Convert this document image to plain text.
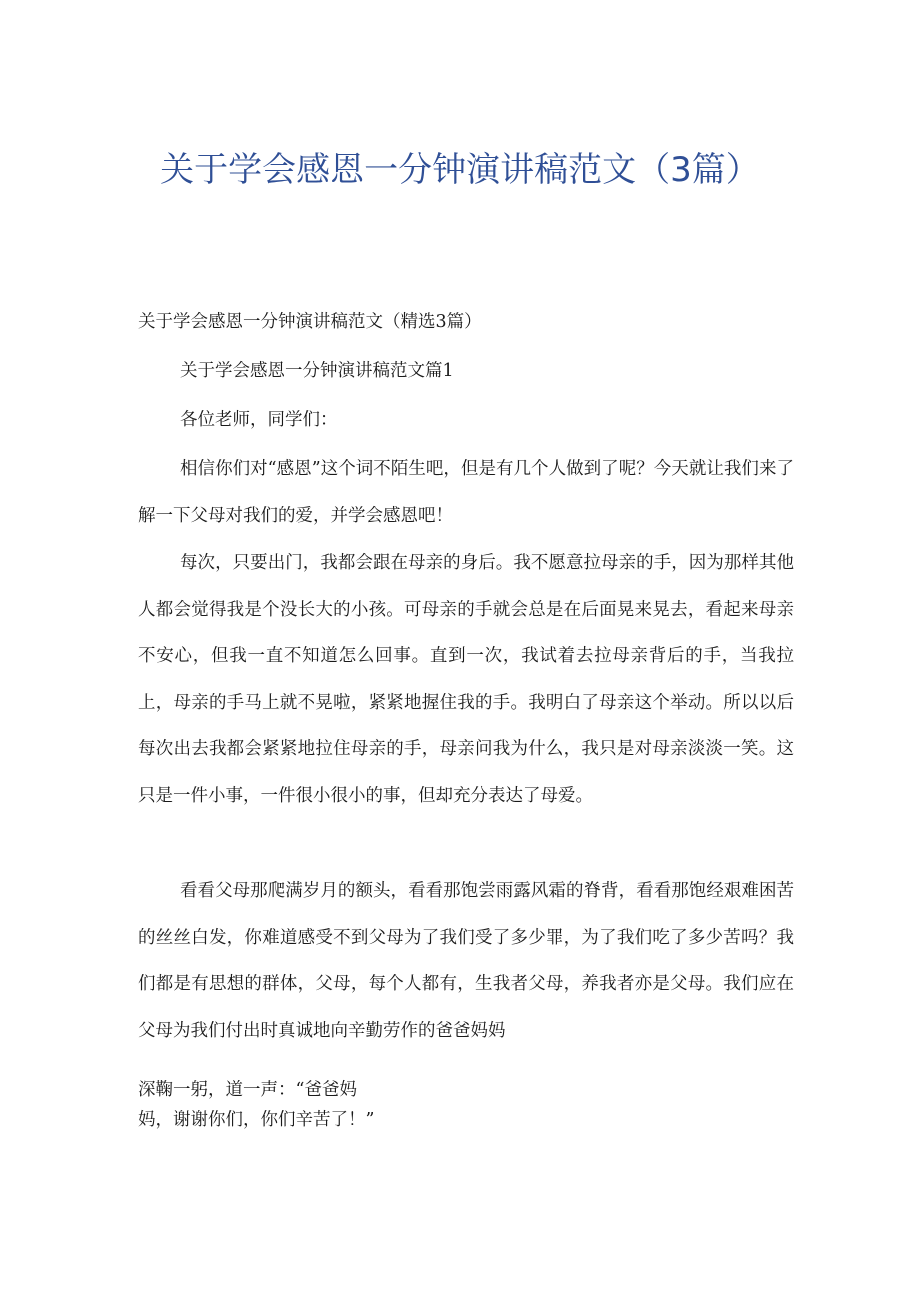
关于学会感恩一分钟演讲稿范文（3篇）

关于学会感恩一分钟演讲稿范文（精选3篇）

关于学会感恩一分钟演讲稿范文篇1

各位老师，同学们：

相信你们对“感恩”这个词不陌生吧，但是有几个人做到了呢？今天就让我们来了解一下父母对我们的爱，并学会感恩吧！

每次，只要出门，我都会跟在母亲的身后。我不愿意拉母亲的手，因为那样其他人都会觉得我是个没长大的小孩。可母亲的手就会总是在后面晃来晃去，看起来母亲不安心，但我一直不知道怎么回事。直到一次，我试着去拉母亲背后的手，当我拉上，母亲的手马上就不晃啦，紧紧地握住我的手。我明白了母亲这个举动。所以以后每次出去我都会紧紧地拉住母亲的手，母亲问我为什么，我只是对母亲淡淡一笑。这只是一件小事，一件很小很小的事，但却充分表达了母爱。

看看父母那爬满岁月的额头，看看那饱尝雨露风霜的脊背，看看那饱经艰难困苦的丝丝白发，你难道感受不到父母为了我们受了多少罪，为了我们吃了多少苦吗？我们都是有思想的群体，父母，每个人都有，生我者父母，养我者亦是父母。我们应在父母为我们付出时真诚地向辛勤劳作的爸爸妈妈

深鞠一躬，道一声：“爸爸妈
妈，谢谢你们，你们辛苦了！”
